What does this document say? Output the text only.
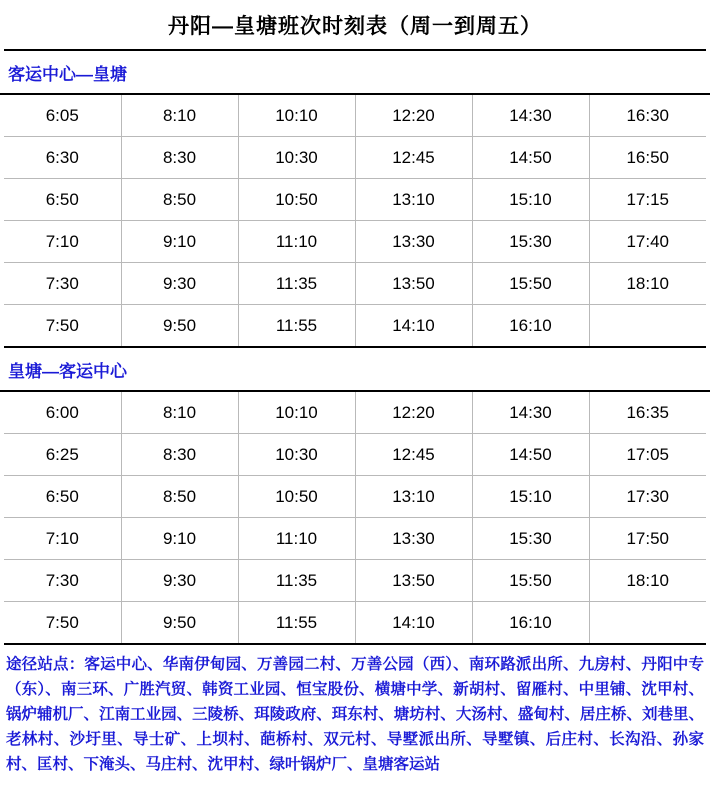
丹阳—皇塘班次时刻表（周一到周五）
客运中心—皇塘
6:05	8:10	10:10	12:20	14:30	16:30
6:30	8:30	10:30	12:45	14:50	16:50
6:50	8:50	10:50	13:10	15:10	17:15
7:10	9:10	11:10	13:30	15:30	17:40
7:30	9:30	11:35	13:50	15:50	18:10
7:50	9:50	11:55	14:10	16:10	
皇塘—客运中心
6:00	8:10	10:10	12:20	14:30	16:35
6:25	8:30	10:30	12:45	14:50	17:05
6:50	8:50	10:50	13:10	15:10	17:30
7:10	9:10	11:10	13:30	15:30	17:50
7:30	9:30	11:35	13:50	15:50	18:10
7:50	9:50	11:55	14:10	16:10	
途径站点：客运中心、华南伊甸园、万善园二村、万善公园（西）、南环路派出所、九房村、丹阳中专（东）、南三环、广胜汽贸、韩资工业园、恒宝股份、横塘中学、新胡村、留雁村、中里铺、沈甲村、锅炉辅机厂、江南工业园、三陵桥、珥陵政府、珥东村、塘坊村、大汤村、盛甸村、居庄桥、刘巷里、老林村、沙圩里、导士矿、上坝村、葩桥村、双元村、导墅派出所、导墅镇、后庄村、长沟沿、孙家村、匡村、下淹头、马庄村、沈甲村、绿叶锅炉厂、皇塘客运站
